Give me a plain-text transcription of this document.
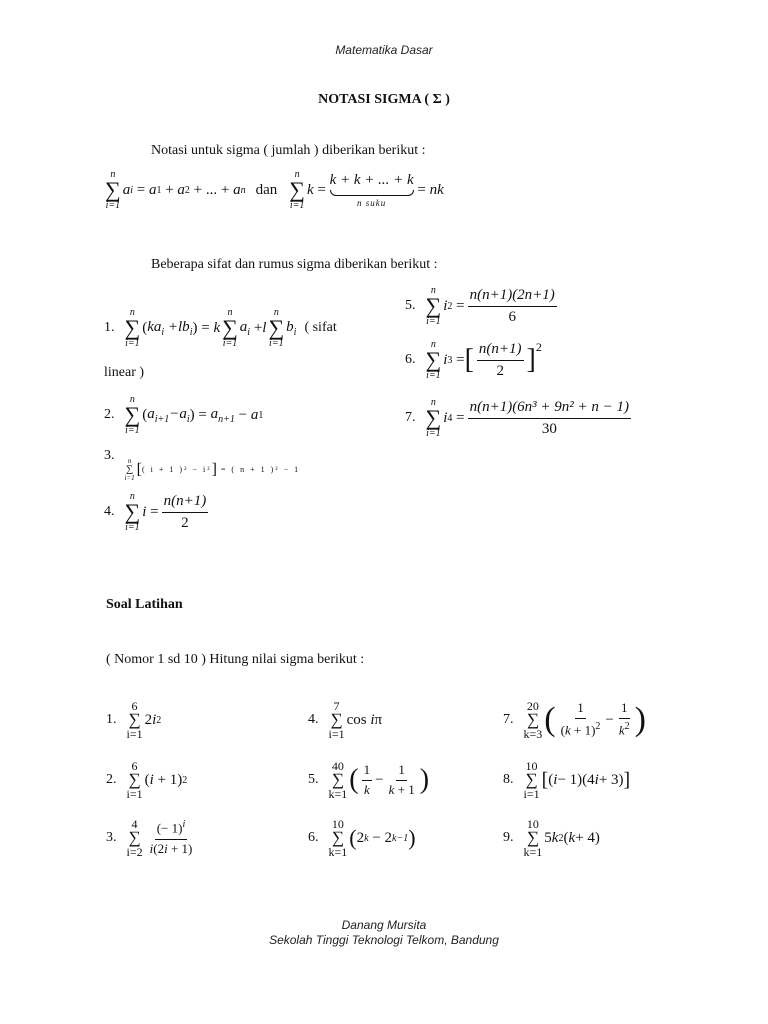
Matematika Dasar
NOTASI SIGMA ( Σ )
Notasi untuk sigma ( jumlah ) diberikan berikut :
n
∑
i=1
a i = a 1 + a 2 + ... + a n dan
n
∑
i=1
k =
k + k + ... + k
n suku
= nk
Beberapa sifat dan rumus sigma diberikan berikut :
1.
n
∑
i=1
( $ka_i +lb_i$ ) = k
n
∑
i=1
$a_i + l$
n
∑
i=1
$b_i$ ( sifat
linear )
2.
n
∑
i=1
( $a_{i+1}-a_i$ ) = $a_{n+1} - a$ 1
3. n
∑
i=1 [ ( i + 1 )² − i² ] = ( n + 1 )² − 1
4.
n
∑
i=1
$i = \frac{n(n+1)}{2}$
5.
n
∑
i=1
i $2 = \frac{n(n+1)(2n+1)}{6}$
6.
n
∑
i=1
i 3 = [ $\frac{n(n+1)}{2} ]^2$
7.
n
∑
i=1
i $4 = \frac{\text{n(n+1)(6n³ + 9n² + n − 1)}}{30}$
Soal Latihan
( Nomor 1 sd 10 ) Hitung nilai sigma berikut :
1.
6
∑
i=1
2 i 2
2.
6
∑
i=1
( i + 1) 2
3.
4
∑
$i=2 \frac{(- 1)^i}{i(2i + 1)}$
4.
7
∑
i=1
cos i π
5.
40
∑
k=1 ( $\frac{1}{k} - \frac{1}{k + 1}$ )
6.
10
∑
k=1
( 2 k − 2 k−1 )
7.
20
∑
k=3 ( $\frac{1}{(k + 1)^2} - \frac{1}{k^2}$ )
8.
10
∑
i=1
[ ( i − 1)(4 i + 3) ]
9.
10
∑
k=1
5 k 2 ( k + 4)
Danang Mursita
Sekolah Tinggi Teknologi Telkom, Bandung
